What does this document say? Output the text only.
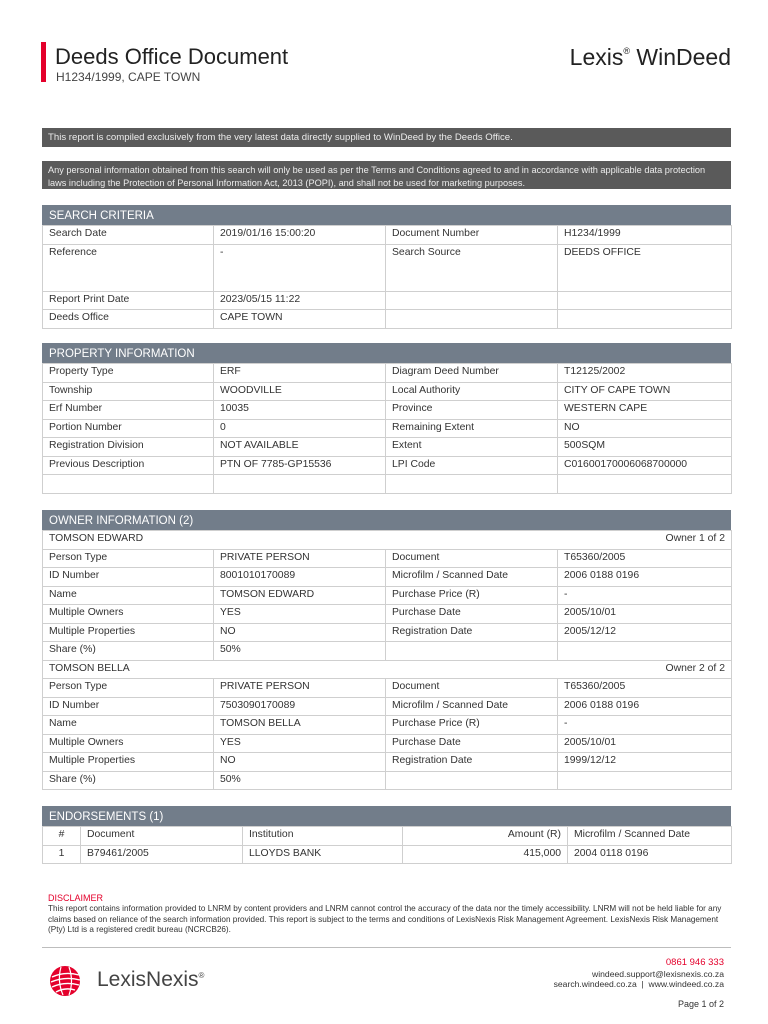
Deeds Office Document
H1234/1999, CAPE TOWN
Lexis® WinDeed
This report is compiled exclusively from the very latest data directly supplied to WinDeed by the Deeds Office.
Any personal information obtained from this search will only be used as per the Terms and Conditions agreed to and in accordance with applicable data protection laws including the Protection of Personal Information Act, 2013 (POPI), and shall not be used for marketing purposes.
SEARCH CRITERIA
Search Date	2019/01/16 15:00:20	Document Number	H1234/1999
Reference	-	Search Source	DEEDS OFFICE
Report Print Date	2023/05/15 11:22		
Deeds Office	CAPE TOWN		
PROPERTY INFORMATION
Property Type	ERF	Diagram Deed Number	T12125/2002
Township	WOODVILLE	Local Authority	CITY OF CAPE TOWN
Erf Number	10035	Province	WESTERN CAPE
Portion Number	0	Remaining Extent	NO
Registration Division	NOT AVAILABLE	Extent	500SQM
Previous Description	PTN OF 7785-GP15536	LPI Code	C01600170006068700000

OWNER INFORMATION (2)
TOMSON EDWARD		Owner 1 of 2	
Person Type	PRIVATE PERSON	Document	T65360/2005
ID Number	8001010170089	Microfilm / Scanned Date	2006 0188 0196
Name	TOMSON EDWARD	Purchase Price (R)	-
Multiple Owners	YES	Purchase Date	2005/10/01
Multiple Properties	NO	Registration Date	2005/12/12
Share (%)	50%		
TOMSON BELLA		Owner 2 of 2	
Person Type	PRIVATE PERSON	Document	T65360/2005
ID Number	7503090170089	Microfilm / Scanned Date	2006 0188 0196
Name	TOMSON BELLA	Purchase Price (R)	-
Multiple Owners	YES	Purchase Date	2005/10/01
Multiple Properties	NO	Registration Date	1999/12/12
Share (%)	50%		
ENDORSEMENTS (1)
#	Document	Institution	Amount (R)	Microfilm / Scanned Date
1	B79461/2005	LLOYDS BANK	415,000	2004 0118 0196
DISCLAIMER
This report contains information provided to LNRM by content providers and LNRM cannot control the accuracy of the data nor the timely accessibility. LNRM will not be held liable for any claims based on reliance of the search information provided. This report is subject to the terms and conditions of LexisNexis Risk Management Agreement. LexisNexis Risk Management (Pty) Ltd is a registered credit bureau (NCRCB26).
LexisNexis®
0861 946 333
windeed.support@lexisnexis.co.za
search.windeed.co.za  |  www.windeed.co.za
Page 1 of 2
